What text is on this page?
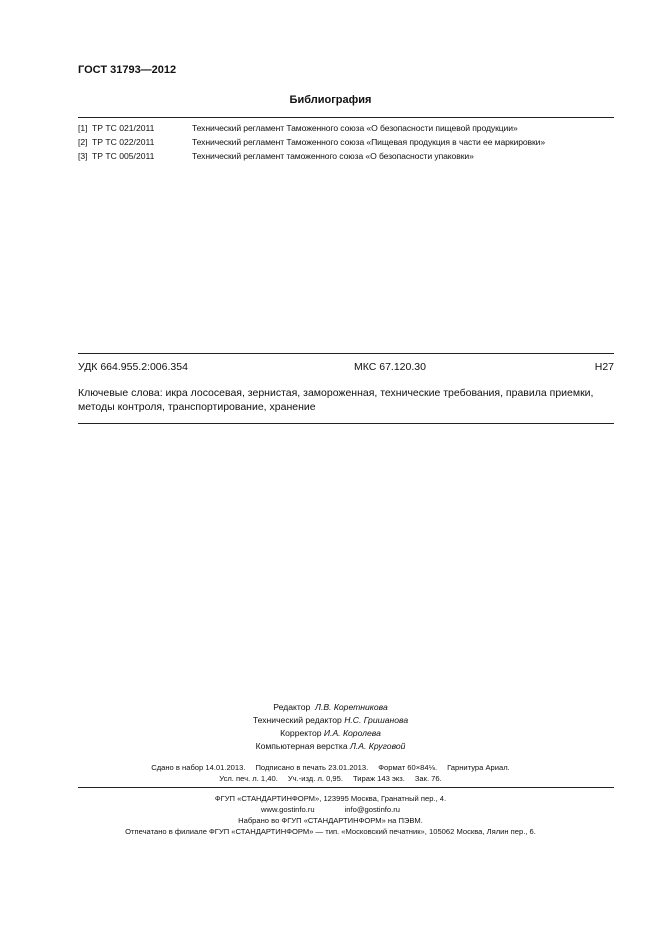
ГОСТ 31793—2012
Библиография
[1] ТР ТС 021/2011	Технический регламент Таможенного союза «О безопасности пищевой продукции»
[2] ТР ТС 022/2011	Технический регламент Таможенного союза «Пищевая продукция в части ее маркировки»
[3] ТР ТС 005/2011	Технический регламент таможенного союза «О безопасности упаковки»
УДК 664.955.2:006.354	МКС 67.120.30	Н27
Ключевые слова: икра лососевая, зернистая, замороженная, технические требования, правила приемки, методы контроля, транспортирование, хранение
Редактор Л.В. Коретникова
Технический редактор Н.С. Гришанова
Корректор И.А. Королева
Компьютерная верстка Л.А. Круговой
Сдано в набор 14.01.2013. Подписано в печать 23.01.2013. Формат 60×84⅛. Гарнитура Ариал.
Усл. печ. л. 1,40. Уч.-изд. л. 0,95. Тираж 143 экз. Зак. 76.
ФГУП «СТАНДАРТИНФОРМ», 123995 Москва, Гранатный пер., 4.
www.gostinfo.ru	info@gostinfo.ru
Набрано во ФГУП «СТАНДАРТИНФОРМ» на ПЭВМ.
Отпечатано в филиале ФГУП «СТАНДАРТИНФОРМ» — тип. «Московский печатник», 105062 Москва, Лялин пер., 6.
